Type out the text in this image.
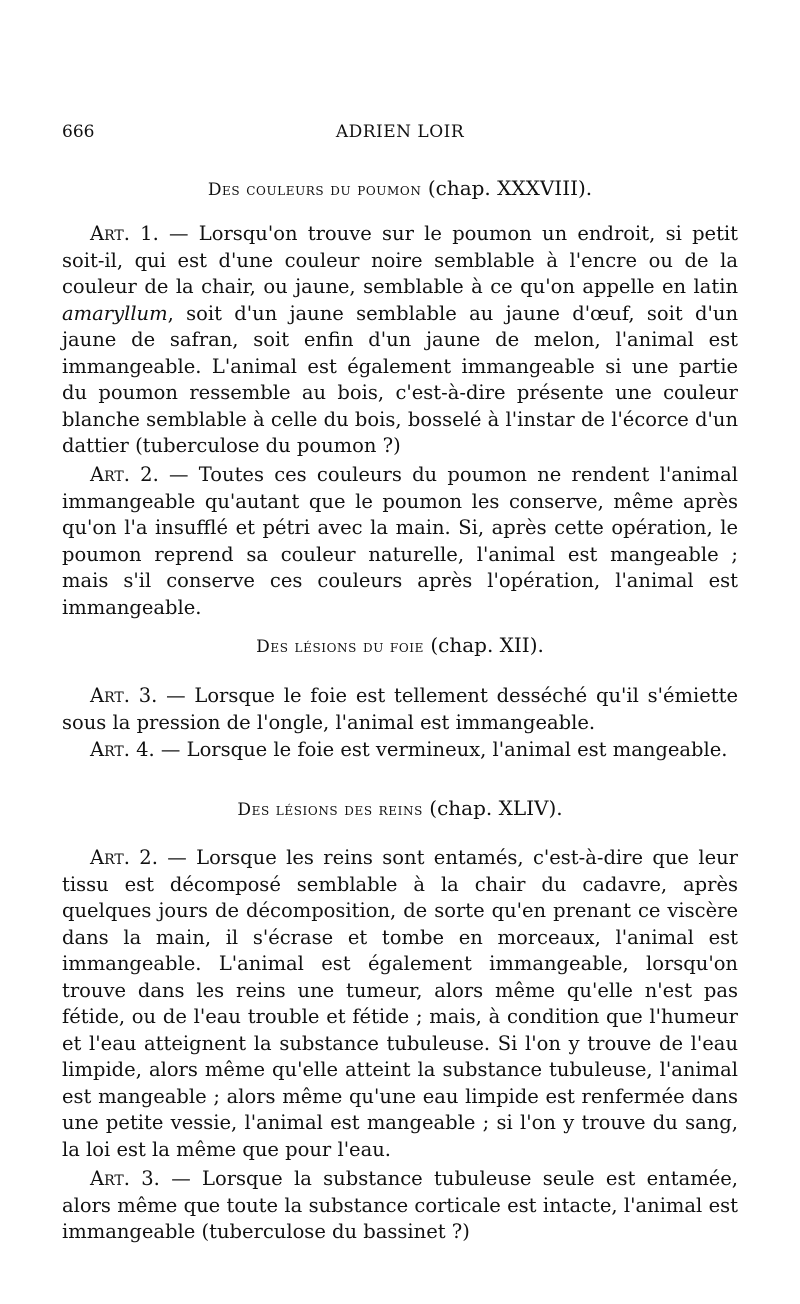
666	ADRIEN LOIR
Des couleurs du poumon (chap. XXXVIII).

Art. 1. — Lorsqu'on trouve sur le poumon un endroit, si petit soit-il, qui est d'une couleur noire semblable à l'encre ou de la couleur de la chair, ou jaune, semblable à ce qu'on appelle en latin amaryllum, soit d'un jaune semblable au jaune d'œuf, soit d'un jaune de safran, soit enfin d'un jaune de melon, l'animal est immangeable. L'animal est également immangeable si une partie du poumon ressemble au bois, c'est-à-dire présente une couleur blanche semblable à celle du bois, bosselé à l'instar de l'écorce d'un dattier (tuberculose du poumon ?)

Art. 2. — Toutes ces couleurs du poumon ne rendent l'animal immangeable qu'autant que le poumon les conserve, même après qu'on l'a insufflé et pétri avec la main. Si, après cette opération, le poumon reprend sa couleur naturelle, l'animal est mangeable ; mais s'il conserve ces couleurs après l'opération, l'animal est immangeable.

Des lésions du foie (chap. XII).

Art. 3. — Lorsque le foie est tellement desséché qu'il s'émiette sous la pression de l'ongle, l'animal est immangeable.

Art. 4. — Lorsque le foie est vermineux, l'animal est mangeable.

Des lésions des reins (chap. XLIV).

Art. 2. — Lorsque les reins sont entamés, c'est-à-dire que leur tissu est décomposé semblable à la chair du cadavre, après quelques jours de décomposition, de sorte qu'en prenant ce viscère dans la main, il s'écrase et tombe en morceaux, l'animal est immangeable. L'animal est également immangeable, lorsqu'on trouve dans les reins une tumeur, alors même qu'elle n'est pas fétide, ou de l'eau trouble et fétide ; mais, à condition que l'humeur et l'eau atteignent la substance tubuleuse. Si l'on y trouve de l'eau limpide, alors même qu'elle atteint la substance tubuleuse, l'animal est mangeable ; alors même qu'une eau limpide est renfermée dans une petite vessie, l'animal est mangeable ; si l'on y trouve du sang, la loi est la même que pour l'eau.

Art. 3. — Lorsque la substance tubuleuse seule est entamée, alors même que toute la substance corticale est intacte, l'animal est immangeable (tuberculose du bassinet ?)
